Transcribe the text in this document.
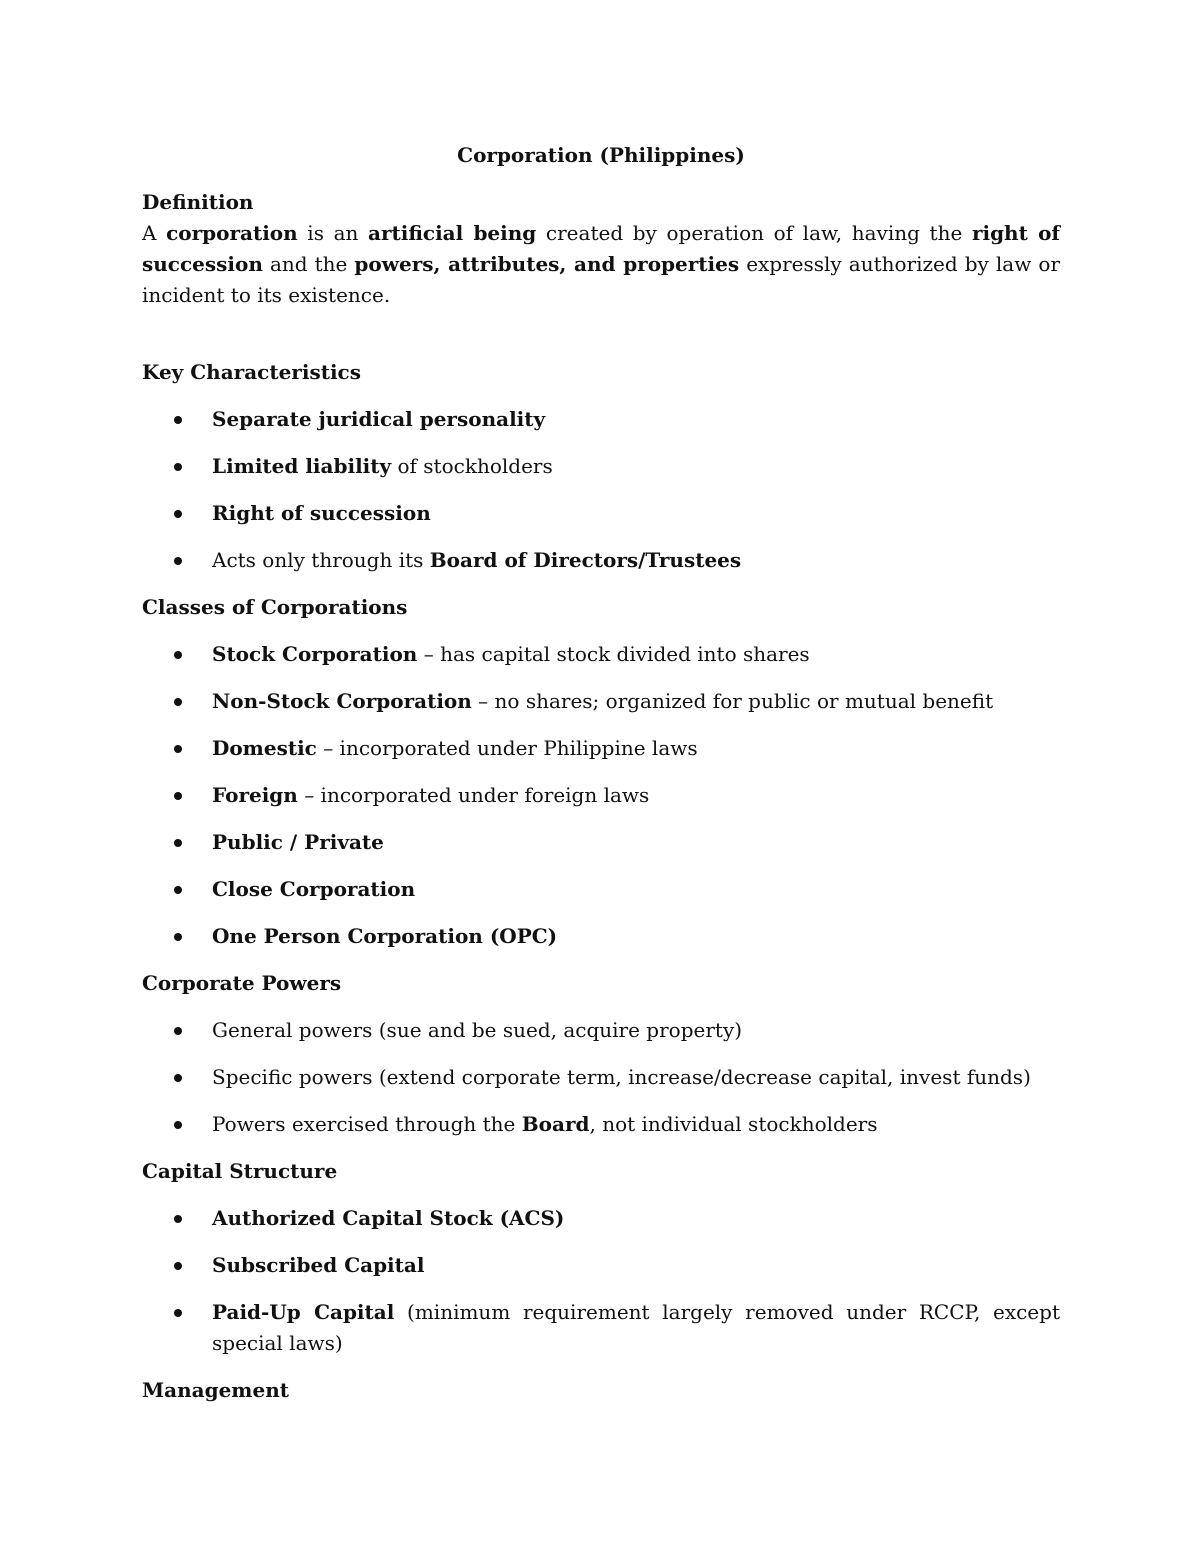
Corporation (Philippines)

Definition

A corporation is an artificial being created by operation of law, having the right of succession and the powers, attributes, and properties expressly authorized by law or incident to its existence.

Key Characteristics

Separate juridical personality
Limited liability of stockholders
Right of succession
Acts only through its Board of Directors/Trustees

Classes of Corporations

Stock Corporation – has capital stock divided into shares
Non-Stock Corporation – no shares; organized for public or mutual benefit
Domestic – incorporated under Philippine laws
Foreign – incorporated under foreign laws
Public / Private
Close Corporation
One Person Corporation (OPC)

Corporate Powers

General powers (sue and be sued, acquire property)
Specific powers (extend corporate term, increase/decrease capital, invest funds)
Powers exercised through the Board, not individual stockholders

Capital Structure

Authorized Capital Stock (ACS)
Subscribed Capital
Paid-Up Capital (minimum requirement largely removed under RCCP, except special laws)

Management
